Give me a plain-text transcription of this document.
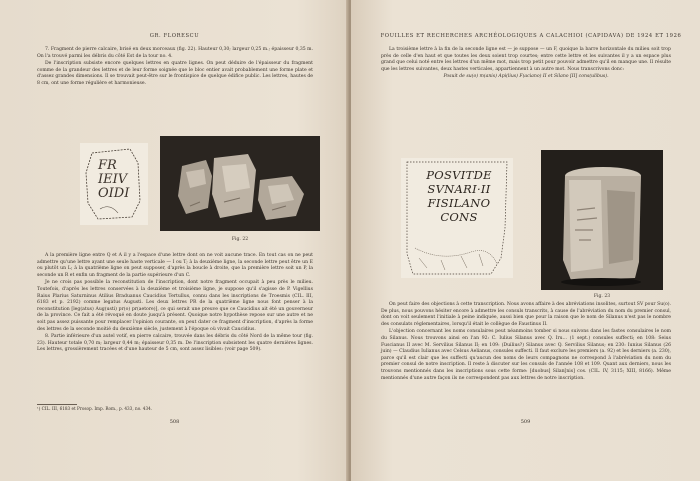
GR. FLORESCU

7. Fragment de pierre calcaire, brisé en deux morceaux (fig. 22). Hauteur 0,30; largeur 0,25 m.; épaisseur 0,35 m. On l'a trouvé parmi les débris du côté Est de la tour no. 4.

De l'inscription subsiste encore quelques lettres en quatre lignes. On peut déduire de l'épaisseur du fragment comme de la grandeur des lettres et de leur forme soignée que le bloc entier avait probablement une forme plate et d'assez grandes dimensions. Il se trouvait peut-être sur le frontispice de quelque édifice public. Les lettres, hautes de 8 cm, ont une forme régulière et harmonieuse.

FR
IEIV
OIDI
Fig. 22

A la première ligne entre Q et A il y a l'espace d'une lettre dont on ne voit aucune trace. En tout cas on ne peut admettre qu'une lettre ayant une seule haste verticale — I ou T; à la deuxième ligne, la seconde lettre peut être un E ou plutôt un L; à la quatrième ligne on peut supposer, d'après la boucle à droite, que la première lettre soit un P, la seconde un R et enfin un fragment de la partie supérieure d'un C.

Je ne crois pas possible la reconstitution de l'inscription, dont notre fragment occupait à peu près le milieu. Toutefois, d'après les lettres conservées à la deuxième et troisième ligne, je suppose qu'il s'agisse de P. Vigellius Raius Plarius Saturninus Atilius Braduanus Caucidius Tertullus, connu dans les inscriptions de Troesmis (CIL. III, 6183 et p. 2192) comme legatus Augusti. Les deux lettres PR de la quatrième ligne nous font penser à la reconstitution [leg(atus) Aug(usti) pr(o) pr(aetore)], ce qui serait une preuve que ce Caucidius ait été un gouverneur de la province. Ce fait a été révoqué en doute jusqu'à présent. Quoique notre hypothèse repose sur une autre et ne soit pas assez puissante pour remplacer l'opinion courante, on peut dater ce fragment d'inscription, d'après la forme des lettres de la seconde moitié du deuxième siècle, justement à l'époque où vivait Caucidius.

8. Partie inférieure d'un autel votif, en pierre calcaire, trouvée dans les débris du côté Nord de la même tour (fig. 23). Hauteur totale 0,70 m; largeur 0,44 m; épaisseur 0,35 m. De l'inscription subsistent les quatre dernières lignes. Les lettres, grossièrement tracées et d'une hauteur de 5 cm, sont assez lisibles: (voir page 509).

¹) CIL. III, 6183 et Prosop. Imp. Rom., p. 433, no. 434.
508
FOUILLES ET RECHERCHES ARCHÉOLOGIQUES A CALACHIOI (CAPIDAVA) DE 1924 ET 1926

La troisième lettre à la fin de la seconde ligne est — je suppose — un F, quoique la barre horizontale du milieu soit trop près de celle d'en haut et que toutes les deux soient trop courtes; entre cette lettre et les suivantes il y a un espace plus grand que celui noté entre les lettres d'un même mot, mais trop petit pour pouvoir admettre qu'il en manque une. Il résulte que les lettres suivantes, deux hastes verticales, appartiennent à un autre mot. Nous transcrivons donc:

Posuit de su(o) m(anis) Api(lius) F(aciano) II et Silano [II] cons(ulibus).

POSVITDE
SVNARI·II
FISILANO
CONS
Fig. 23

On peut faire des objections à cette transcription. Nous avons affaire à des abréviations insolites, surtout SV pour Su(o). De plus, nous pouvons hésiter encore à admettre les consuls transcrits, à cause de l'abréviation du nom du premier consul, dont on voit seulement l'initiale à peine indiquée, aussi bien que pour la raison que le nom de Silanus n'est pas le nombre des consulats réglementaires, lorsqu'il était le collègue de Faustinus II.

L'objection concernant les noms consulaires peut néanmoins tomber si nous suivons dans les fastes consulaires le nom du Silanus. Nous trouvons ainsi en l'an 92: C. Iulius Silanus avec Q. Iru... (1 sept.) consules suffecti; en 108: Seius Fuscianus II avec M. Servilius Silanus II; en 109: (Duilius?) Silanus avec Q. Servilius Silanus; en 230: Iunius Silanus (26 juin) — Claudius Iulianus avec Celsus Aelianus, consules suffecti. Il faut exclure les premiers (a. 92) et les derniers (a. 230), parce qu'il est clair que les suffecti qu'aucun des noms de leurs compagnons ne correspond à l'abréviation du nom du premier consul de notre inscription. Il reste à discuter sur les consuls de l'année 108 et 109. Quant aux derniers, nous les trouvons mentionnés dans les inscriptions sous cette forme: [duobus] Silan[nis] cos. (CIL. IV, 3115; XIII, 8166). Même mentionnés d'une autre façon ils ne correspondent pas aux lettres de notre inscription.

509
